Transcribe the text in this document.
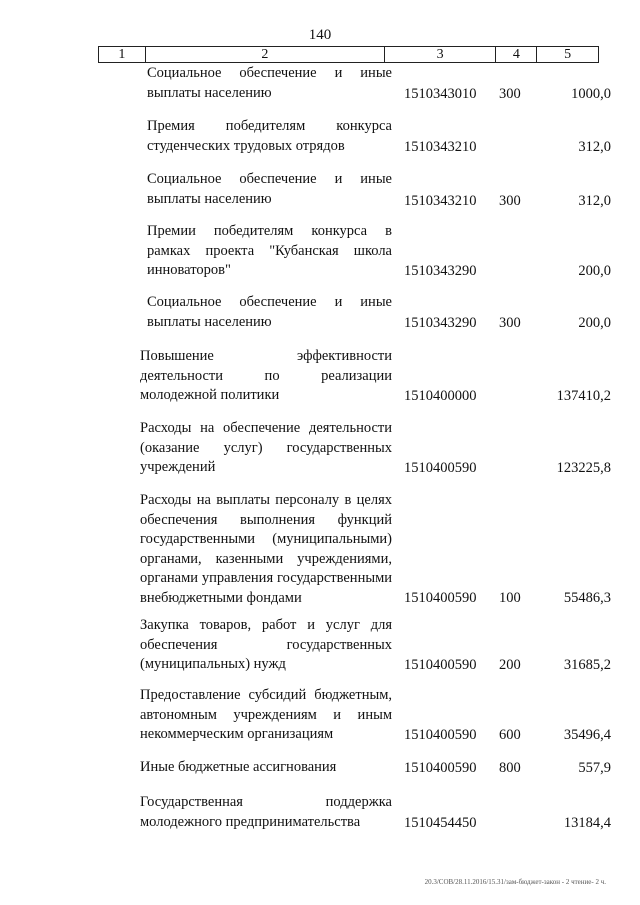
140
1	2	3	4	5
Социальное обеспечение и иные выплаты населению	1510343010 300	1000,0
Премия победителям конкурса студенческих трудовых отрядов	1510343210	312,0
Социальное обеспечение и иные выплаты населению	1510343210 300	312,0
Премии победителям конкурса в рамках проекта "Кубанская школа инноваторов"	1510343290	200,0
Социальное обеспечение и иные выплаты населению	1510343290 300	200,0
Повышение эффективности деятельности по реализации молодежной политики	1510400000	137410,2
Расходы на обеспечение деятельности (оказание услуг) государственных учреждений	1510400590	123225,8
Расходы на выплаты персоналу в целях обеспечения выполнения функций государственными (муниципальными) органами, казенными учреждениями, органами управления государственными внебюджетными фондами	1510400590 100	55486,3
Закупка товаров, работ и услуг для обеспечения государственных (муниципальных) нужд	1510400590 200	31685,2
Предоставление субсидий бюджетным, автономным учреждениям и иным некоммерческим организациям	1510400590 600	35496,4
Иные бюджетные ассигнования	1510400590 800	557,9
Государственная поддержка молодежного предпринимательства	1510454450	13184,4
20.3/СОВ/28.11.2016/15.31/зам-бюджет-закон - 2 чтение- 2 ч.
